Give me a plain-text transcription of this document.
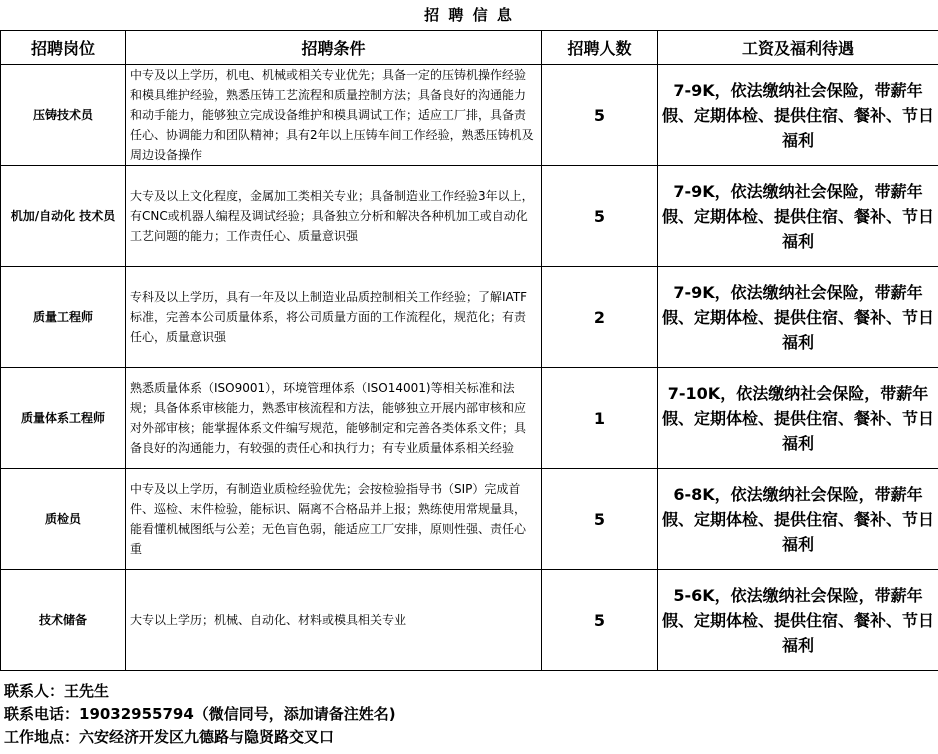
招 聘 信 息
招聘岗位	招聘条件	招聘人数	工资及福利待遇
压铸技术员	中专及以上学历，机电、机械或相关专业优先；具备一定的压铸机操作经验和模具维护经验，熟悉压铸工艺流程和质量控制方法；具备良好的沟通能力和动手能力，能够独立完成设备维护和模具调试工作；适应工厂排，具备责任心、协调能力和团队精神；具有2年以上压铸车间工作经验，熟悉压铸机及周边设备操作	5	7-9K，依法缴纳社会保险，带薪年假、定期体检、提供住宿、餐补、节日福利
机加/自动化 技术员	大专及以上文化程度，金属加工类相关专业；具备制造业工作经验3年以上，有CNC或机器人编程及调试经验；具备独立分析和解决各种机加工或自动化工艺问题的能力；工作责任心、质量意识强	5	7-9K，依法缴纳社会保险，带薪年假、定期体检、提供住宿、餐补、节日福利
质量工程师	专科及以上学历，具有一年及以上制造业品质控制相关工作经验；了解IATF标准，完善本公司质量体系，将公司质量方面的工作流程化，规范化；有责任心，质量意识强	2	7-9K，依法缴纳社会保险，带薪年假、定期体检、提供住宿、餐补、节日福利
质量体系工程师	熟悉质量体系（ISO9001），环境管理体系（ISO14001)等相关标准和法规；具备体系审核能力，熟悉审核流程和方法，能够独立开展内部审核和应对外部审核；能掌握体系文件编写规范，能够制定和完善各类体系文件；具备良好的沟通能力，有较强的责任心和执行力；有专业质量体系相关经验	1	7-10K，依法缴纳社会保险，带薪年假、定期体检、提供住宿、餐补、节日福利
质检员	中专及以上学历，有制造业质检经验优先；会按检验指导书（SIP）完成首件、巡检、末件检验，能标识、隔离不合格品并上报；熟练使用常规量具，能看懂机械图纸与公差；无色盲色弱，能适应工厂安排，原则性强、责任心重	5	6-8K，依法缴纳社会保险，带薪年假、定期体检、提供住宿、餐补、节日福利
技术储备	大专以上学历；机械、自动化、材料或模具相关专业	5	5-6K，依法缴纳社会保险，带薪年假、定期体检、提供住宿、餐补、节日福利
联系人：王先生
联系电话：19032955794（微信同号，添加请备注姓名)
工作地点：六安经济开发区九德路与隐贤路交叉口
